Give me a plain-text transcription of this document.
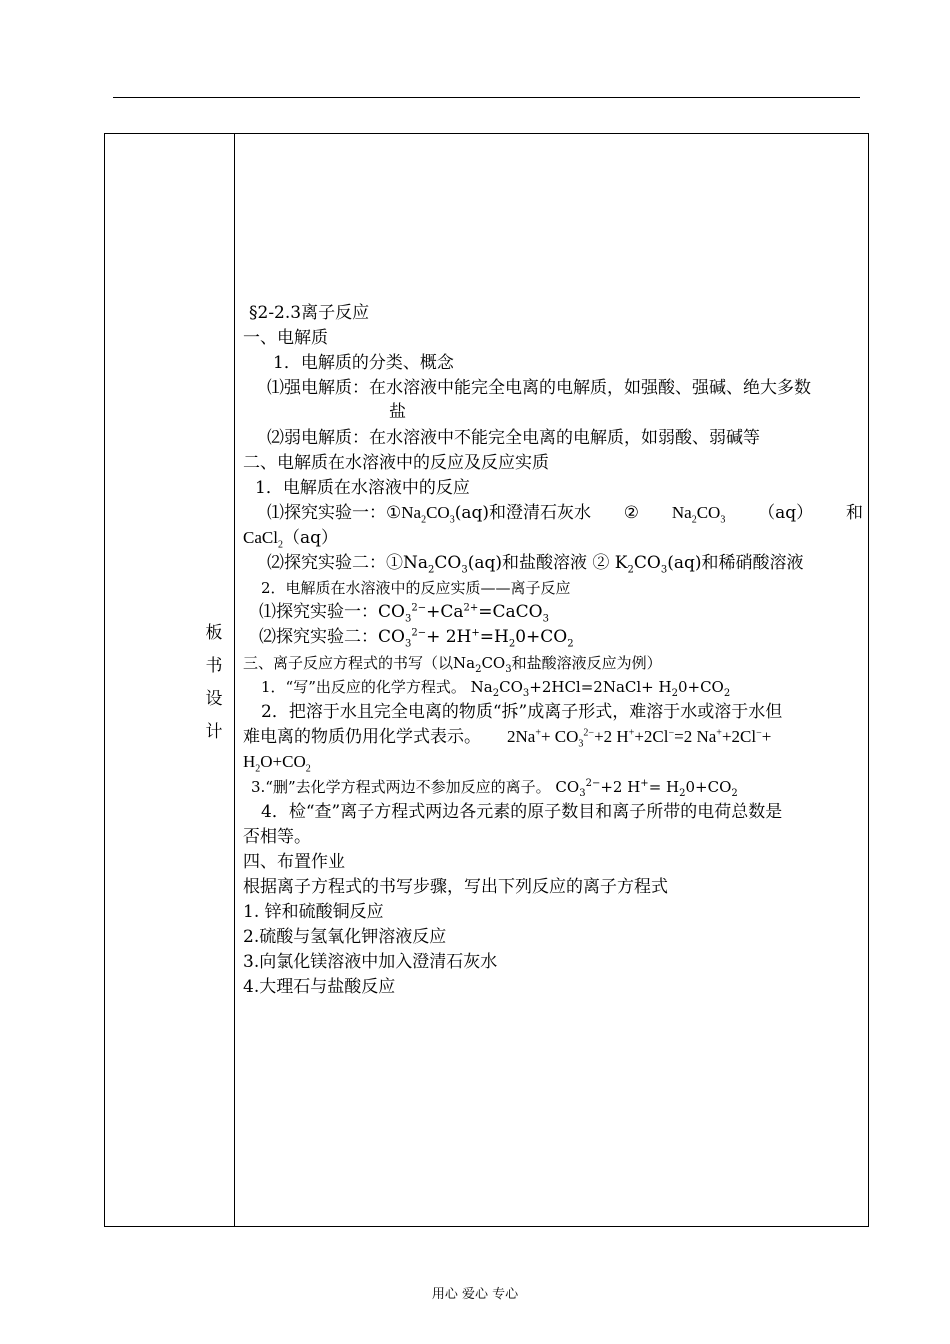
板
书
设
计
§2-2.3离子反应
一、电解质
1．电解质的分类、概念
⑴强电解质：在水溶液中能完全电离的电解质，如强酸、强碱、绝大多数
盐
⑵弱电解质：在水溶液中不能完全电离的电解质，如弱酸、弱碱等
二、电解质在水溶液中的反应及反应实质
1．电解质在水溶液中的反应
⑴探究实验一：$①Na_2CO_3(aq)$和澄清石灰水 ② $Na_2CO_3$ （aq） 和
CaCl$_2$（aq）
⑵探究实验二：$①Na_2CO_3(aq)$和盐酸溶液 ② $K_2CO_3(aq)$和稀硝酸溶液
2．电解质在水溶液中的反应实质——离子反应
⑴探究实验一：$CO_3^{2-}+Ca^{2+}=CaCO_3$
⑵探究实验二：$CO_3^{2-}+ 2H^+=H_20+CO_2$
三、离子反应方程式的书写（以$Na_2CO_3$和盐酸溶液反应为例）
1．“写”出反应的化学方程式。 $Na_2CO_3+2HCl=2NaCl+ H_20+CO_2$
2．把溶于水且完全电离的物质“拆”成离子形式，难溶于水或溶于水但
难电离的物质仍用化学式表示。 $2Na^++ CO_3^{2-}+2$ H++2Cl−=2 Na++2Cl−+
$H_2O+CO_2$
3.“删”去化学方程式两边不参加反应的离子。 $CO_3^{2-}+2$ $H^+= H_20+CO_2$
4．检“查”离子方程式两边各元素的原子数目和离子所带的电荷总数是
否相等。
四、布置作业
根据离子方程式的书写步骤，写出下列反应的离子方程式
1. 锌和硫酸铜反应
2.硫酸与氢氧化钾溶液反应
3.向氯化镁溶液中加入澄清石灰水
4.大理石与盐酸反应
用心 爱心 专心
